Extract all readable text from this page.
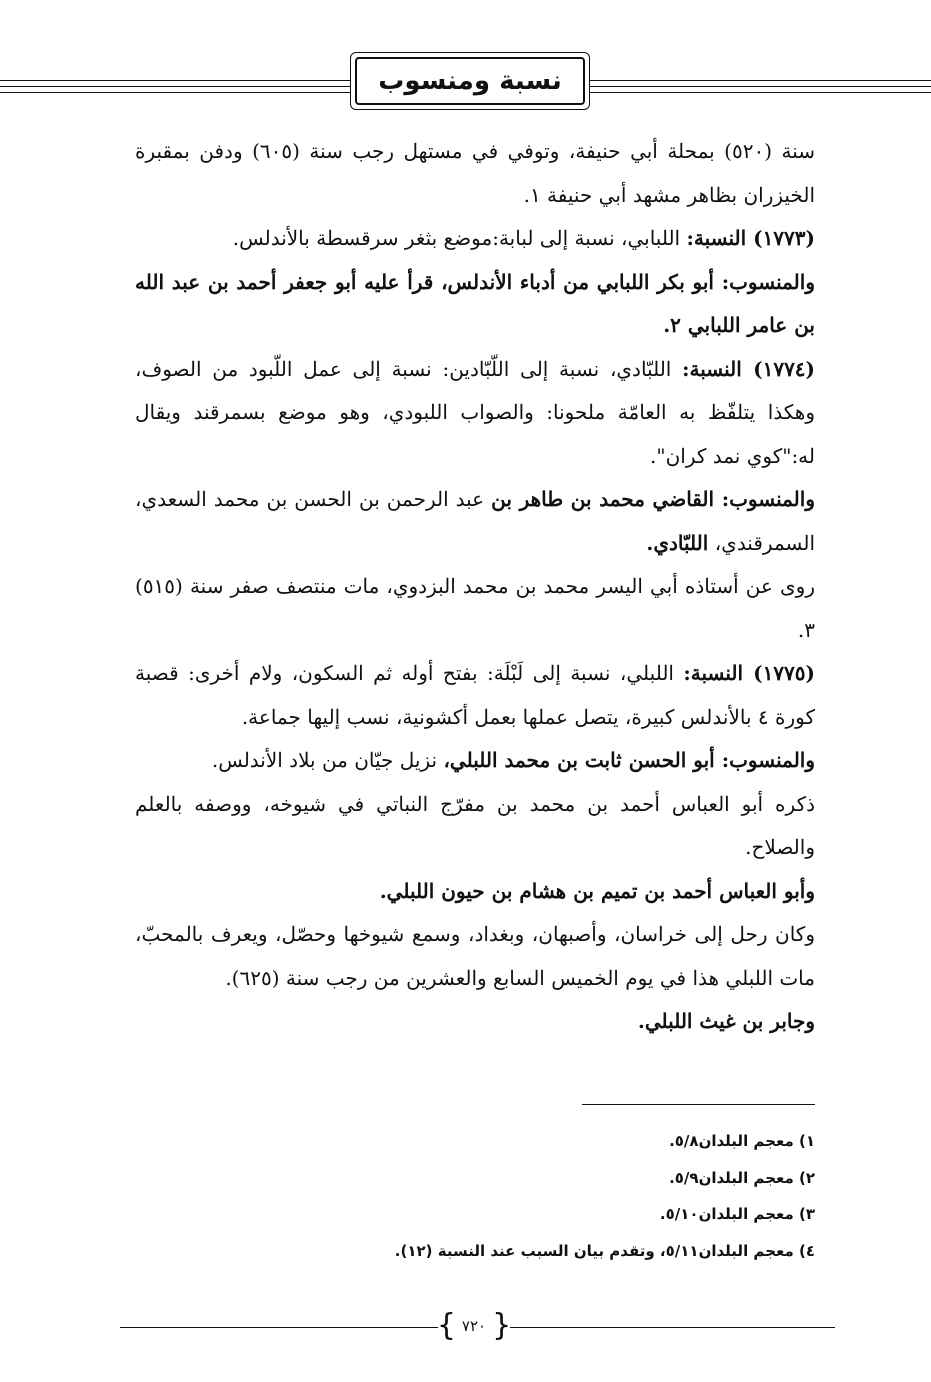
نسبة ومنسوب

سنة (٥٢٠) بمحلة أبي حنيفة، وتوفي في مستهل رجب سنة (٦٠٥) ودفن بمقبرة الخيزران بظاهر مشهد أبي حنيفة ١.

(١٧٧٣) النسبة: اللبابي، نسبة إلى لبابة:موضع بثغر سرقسطة بالأندلس.

والمنسوب: أبو بكر اللبابي من أدباء الأندلس، قرأ عليه أبو جعفر أحمد بن عبد الله بن عامر اللبابي ٢.

(١٧٧٤) النسبة: اللبّادي، نسبة إلى اللّبّادين: نسبة إلى عمل اللّبود من الصوف، وهكذا يتلفّظ به العامّة ملحونا: والصواب اللبودي، وهو موضع بسمرقند ويقال له:"كوي نمد كران".

والمنسوب: القاضي محمد بن طاهر بن عبد الرحمن بن الحسن بن محمد السعدي، السمرقندي، اللبّادي.

روى عن أستاذه أبي اليسر محمد بن محمد البزدوي، مات منتصف صفر سنة (٥١٥) ٣.

(١٧٧٥) النسبة: اللبلي، نسبة إلى لَبْلَة: بفتح أوله ثم السكون، ولام أخرى: قصبة كورة ٤ بالأندلس كبيرة، يتصل عملها بعمل أكشونية، نسب إليها جماعة.

والمنسوب: أبو الحسن ثابت بن محمد اللبلي، نزيل جيّان من بلاد الأندلس.

ذكره أبو العباس أحمد بن محمد بن مفرّج النباتي في شيوخه، ووصفه بالعلم والصلاح.

وأبو العباس أحمد بن تميم بن هشام بن حيون اللبلي.

وكان رحل إلى خراسان، وأصبهان، وبغداد، وسمع شيوخها وحصّل، ويعرف بالمحبّ، مات اللبلي هذا في يوم الخميس السابع والعشرين من رجب سنة (٦٢٥).

وجابر بن غيث اللبلي.

١) معجم البلدان٥/٨.

٢) معجم البلدان٥/٩.

٣) معجم البلدان٥/١٠.

٤) معجم البلدان٥/١١، وتقدم بيان السبب عند النسبة (١٢).

{
٧٢٠
}
